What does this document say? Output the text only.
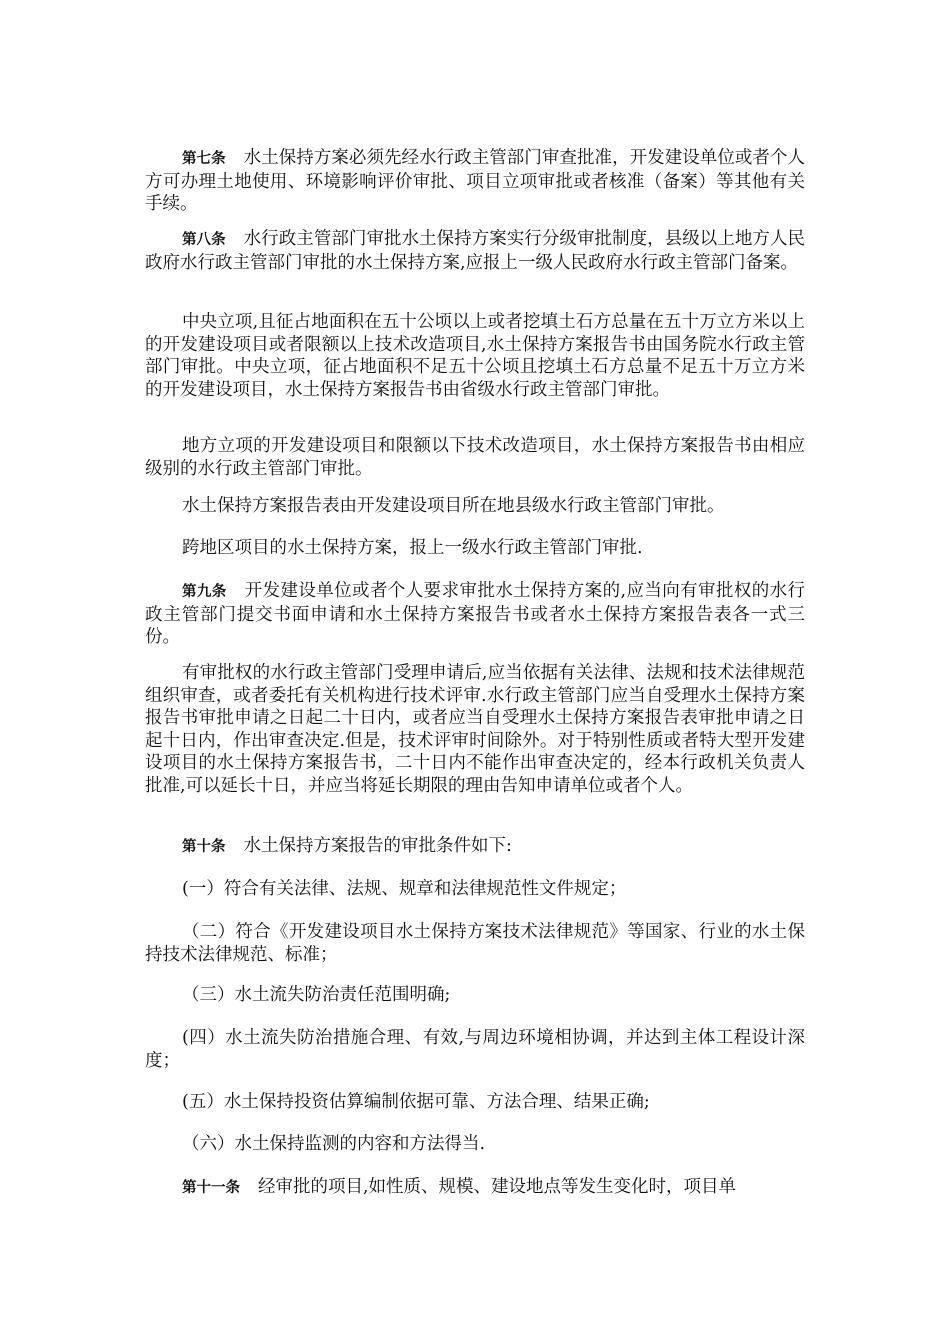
第七条 水土保持方案必须先经水行政主管部门审查批准，开发建设单位或者个人方可办理土地使用、环境影响评价审批、项目立项审批或者核准（备案）等其他有关手续。

第八条 水行政主管部门审批水土保持方案实行分级审批制度，县级以上地方人民政府水行政主管部门审批的水土保持方案,应报上一级人民政府水行政主管部门备案。

中央立项,且征占地面积在五十公顷以上或者挖填土石方总量在五十万立方米以上的开发建设项目或者限额以上技术改造项目,水土保持方案报告书由国务院水行政主管部门审批。中央立项，征占地面积不足五十公顷且挖填土石方总量不足五十万立方米的开发建设项目，水土保持方案报告书由省级水行政主管部门审批。

地方立项的开发建设项目和限额以下技术改造项目，水土保持方案报告书由相应级别的水行政主管部门审批。

水土保持方案报告表由开发建设项目所在地县级水行政主管部门审批。

跨地区项目的水土保持方案，报上一级水行政主管部门审批.

第九条 开发建设单位或者个人要求审批水土保持方案的,应当向有审批权的水行政主管部门提交书面申请和水土保持方案报告书或者水土保持方案报告表各一式三份。

有审批权的水行政主管部门受理申请后,应当依据有关法律、法规和技术法律规范组织审查，或者委托有关机构进行技术评审.水行政主管部门应当自受理水土保持方案报告书审批申请之日起二十日内，或者应当自受理水土保持方案报告表审批申请之日起十日内，作出审查决定.但是，技术评审时间除外。对于特别性质或者特大型开发建设项目的水土保持方案报告书，二十日内不能作出审查决定的，经本行政机关负责人批准,可以延长十日，并应当将延长期限的理由告知申请单位或者个人。

第十条 水土保持方案报告的审批条件如下:

(一）符合有关法律、法规、规章和法律规范性文件规定；

（二）符合《开发建设项目水土保持方案技术法律规范》等国家、行业的水土保持技术法律规范、标准；

（三）水土流失防治责任范围明确;

(四）水土流失防治措施合理、有效,与周边环境相协调，并达到主体工程设计深度；

(五）水土保持投资估算编制依据可靠、方法合理、结果正确;

（六）水土保持监测的内容和方法得当.

第十一条 经审批的项目,如性质、规模、建设地点等发生变化时，项目单
